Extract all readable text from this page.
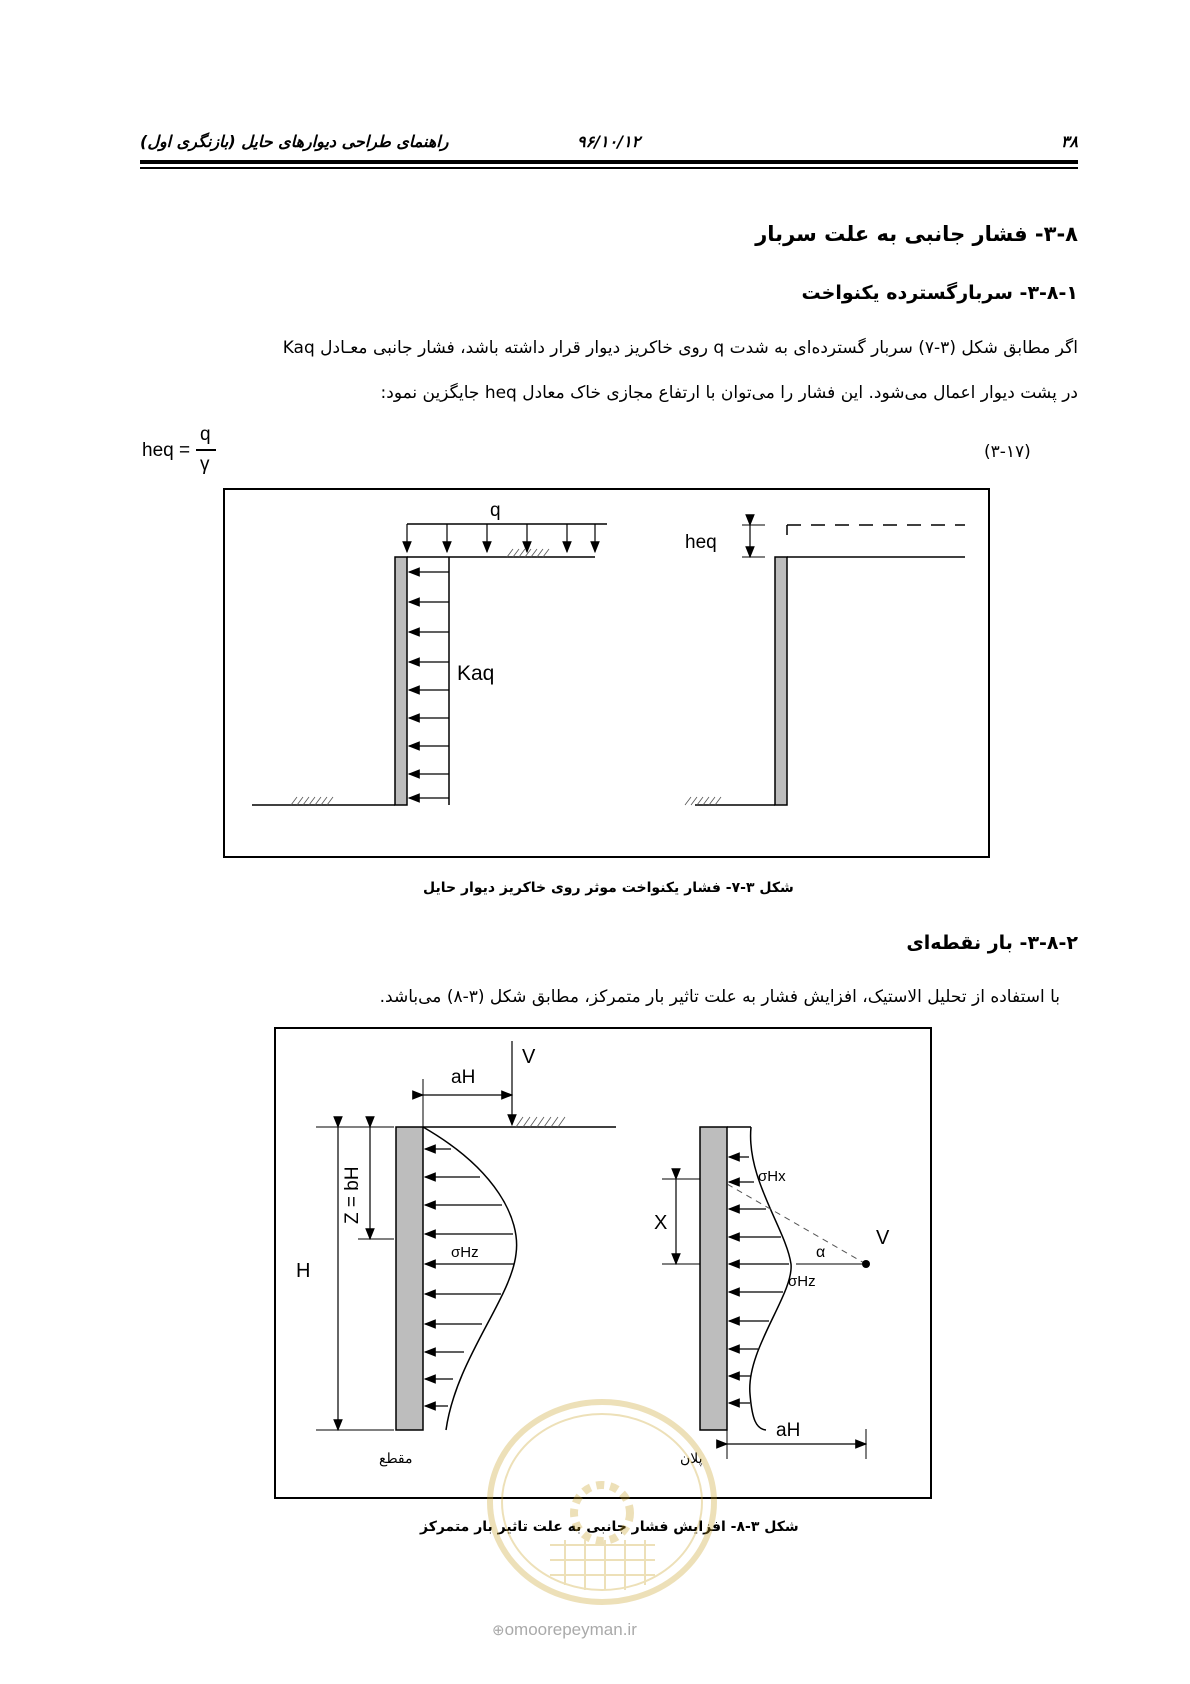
۳۸
۹۶/۱۰/۱۲
راهنمای طراحی دیوارهای حایل (بازنگری اول)
۳-۸- فشار جانبی به علت سربار
۳-۸-۱- سربارگسترده یکنواخت
اگر مطابق شکل (۳-۷) سربار گسترده‌ای به شدت q روی خاکریز دیوار قرار داشته باشد، فشار جانبی معـادل Kaq
در پشت دیوار اعمال می‌شود. این فشار را می‌توان با ارتفاع مجازی خاک معادل heq جایگزین نمود:
heq =
q
γ
(۳-۱۷)
q
Kaq
heq
شکل ۳-۷- فشار یکنواخت موثر روی خاکریز دیوار حایل
۳-۸-۲- بار نقطه‌ای
با استفاده از تحلیل الاستیک، افزایش فشار به علت تاثیر بار متمرکز، مطابق شکل (۳-۸) می‌باشد.
V
aH
σHz
Z = bH
H
مقطع
V
α
σHx
σHz
X
aH
پلان
شکل ۳-۸- افزایش فشار جانبی به علت تاثیر بار متمرکز
⊕omoorepeyman.ir
